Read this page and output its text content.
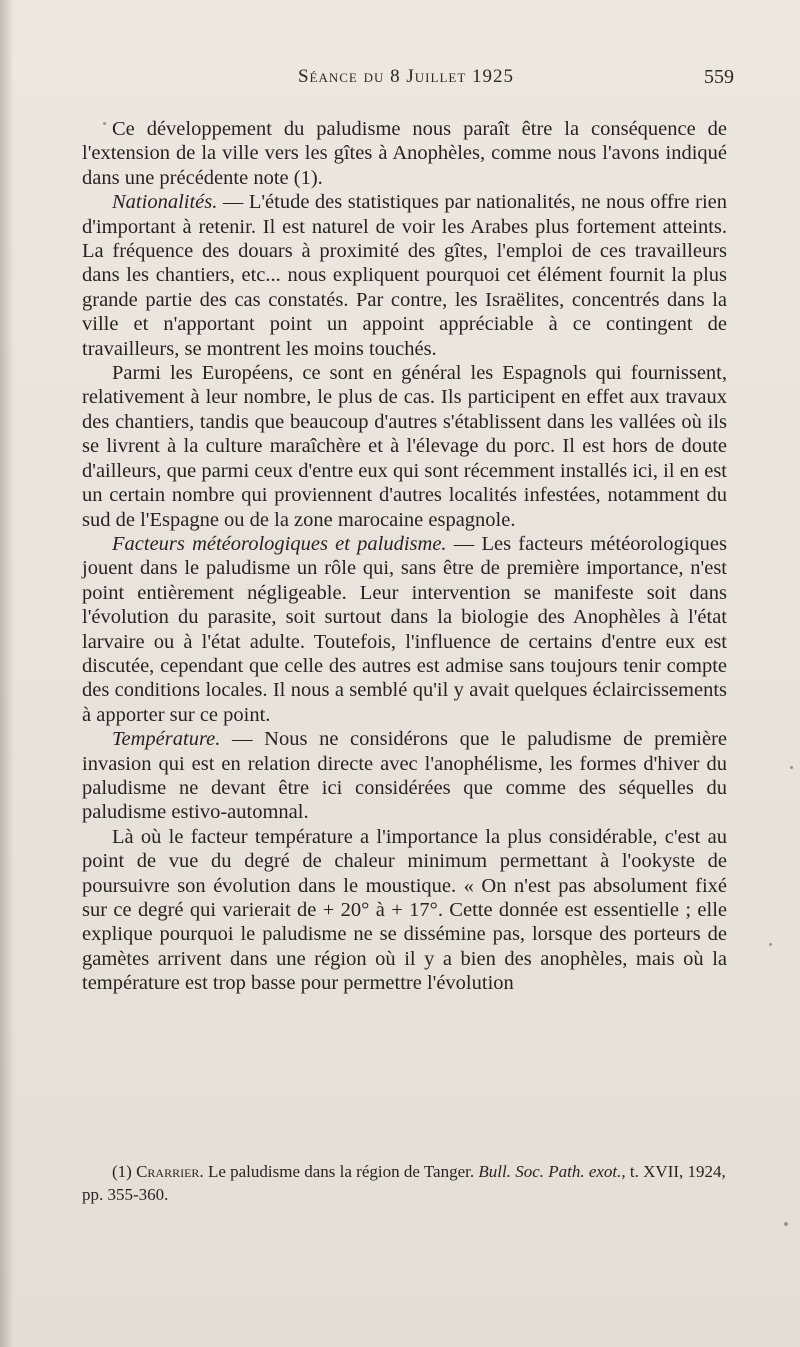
Séance du 8 Juillet 1925	559

Ce développement du paludisme nous paraît être la conséquence de l'extension de la ville vers les gîtes à Anophèles, comme nous l'avons indiqué dans une précédente note (1).

Nationalités. — L'étude des statistiques par nationalités, ne nous offre rien d'important à retenir. Il est naturel de voir les Arabes plus fortement atteints. La fréquence des douars à proximité des gîtes, l'emploi de ces travailleurs dans les chantiers, etc... nous expliquent pourquoi cet élément fournit la plus grande partie des cas constatés. Par contre, les Israëlites, concentrés dans la ville et n'apportant point un appoint appréciable à ce contingent de travailleurs, se montrent les moins touchés.

Parmi les Européens, ce sont en général les Espagnols qui fournissent, relativement à leur nombre, le plus de cas. Ils participent en effet aux travaux des chantiers, tandis que beaucoup d'autres s'établissent dans les vallées où ils se livrent à la culture maraîchère et à l'élevage du porc. Il est hors de doute d'ailleurs, que parmi ceux d'entre eux qui sont récemment installés ici, il en est un certain nombre qui proviennent d'autres localités infestées, notamment du sud de l'Espagne ou de la zone marocaine espagnole.

Facteurs météorologiques et paludisme. — Les facteurs météorologiques jouent dans le paludisme un rôle qui, sans être de première importance, n'est point entièrement négligeable. Leur intervention se manifeste soit dans l'évolution du parasite, soit surtout dans la biologie des Anophèles à l'état larvaire ou à l'état adulte. Toutefois, l'influence de certains d'entre eux est discutée, cependant que celle des autres est admise sans toujours tenir compte des conditions locales. Il nous a semblé qu'il y avait quelques éclaircissements à apporter sur ce point.

Température. — Nous ne considérons que le paludisme de première invasion qui est en relation directe avec l'anophélisme, les formes d'hiver du paludisme ne devant être ici considérées que comme des séquelles du paludisme estivo-automnal.

Là où le facteur température a l'importance la plus considérable, c'est au point de vue du degré de chaleur minimum permettant à l'ookyste de poursuivre son évolution dans le moustique. « On n'est pas absolument fixé sur ce degré qui varierait de + 20° à + 17°. Cette donnée est essentielle ; elle explique pourquoi le paludisme ne se dissémine pas, lorsque des porteurs de gamètes arrivent dans une région où il y a bien des anophèles, mais où la température est trop basse pour permettre l'évolution

(1) Crarrier. Le paludisme dans la région de Tanger. Bull. Soc. Path. exot., t. XVII, 1924, pp. 355-360.
